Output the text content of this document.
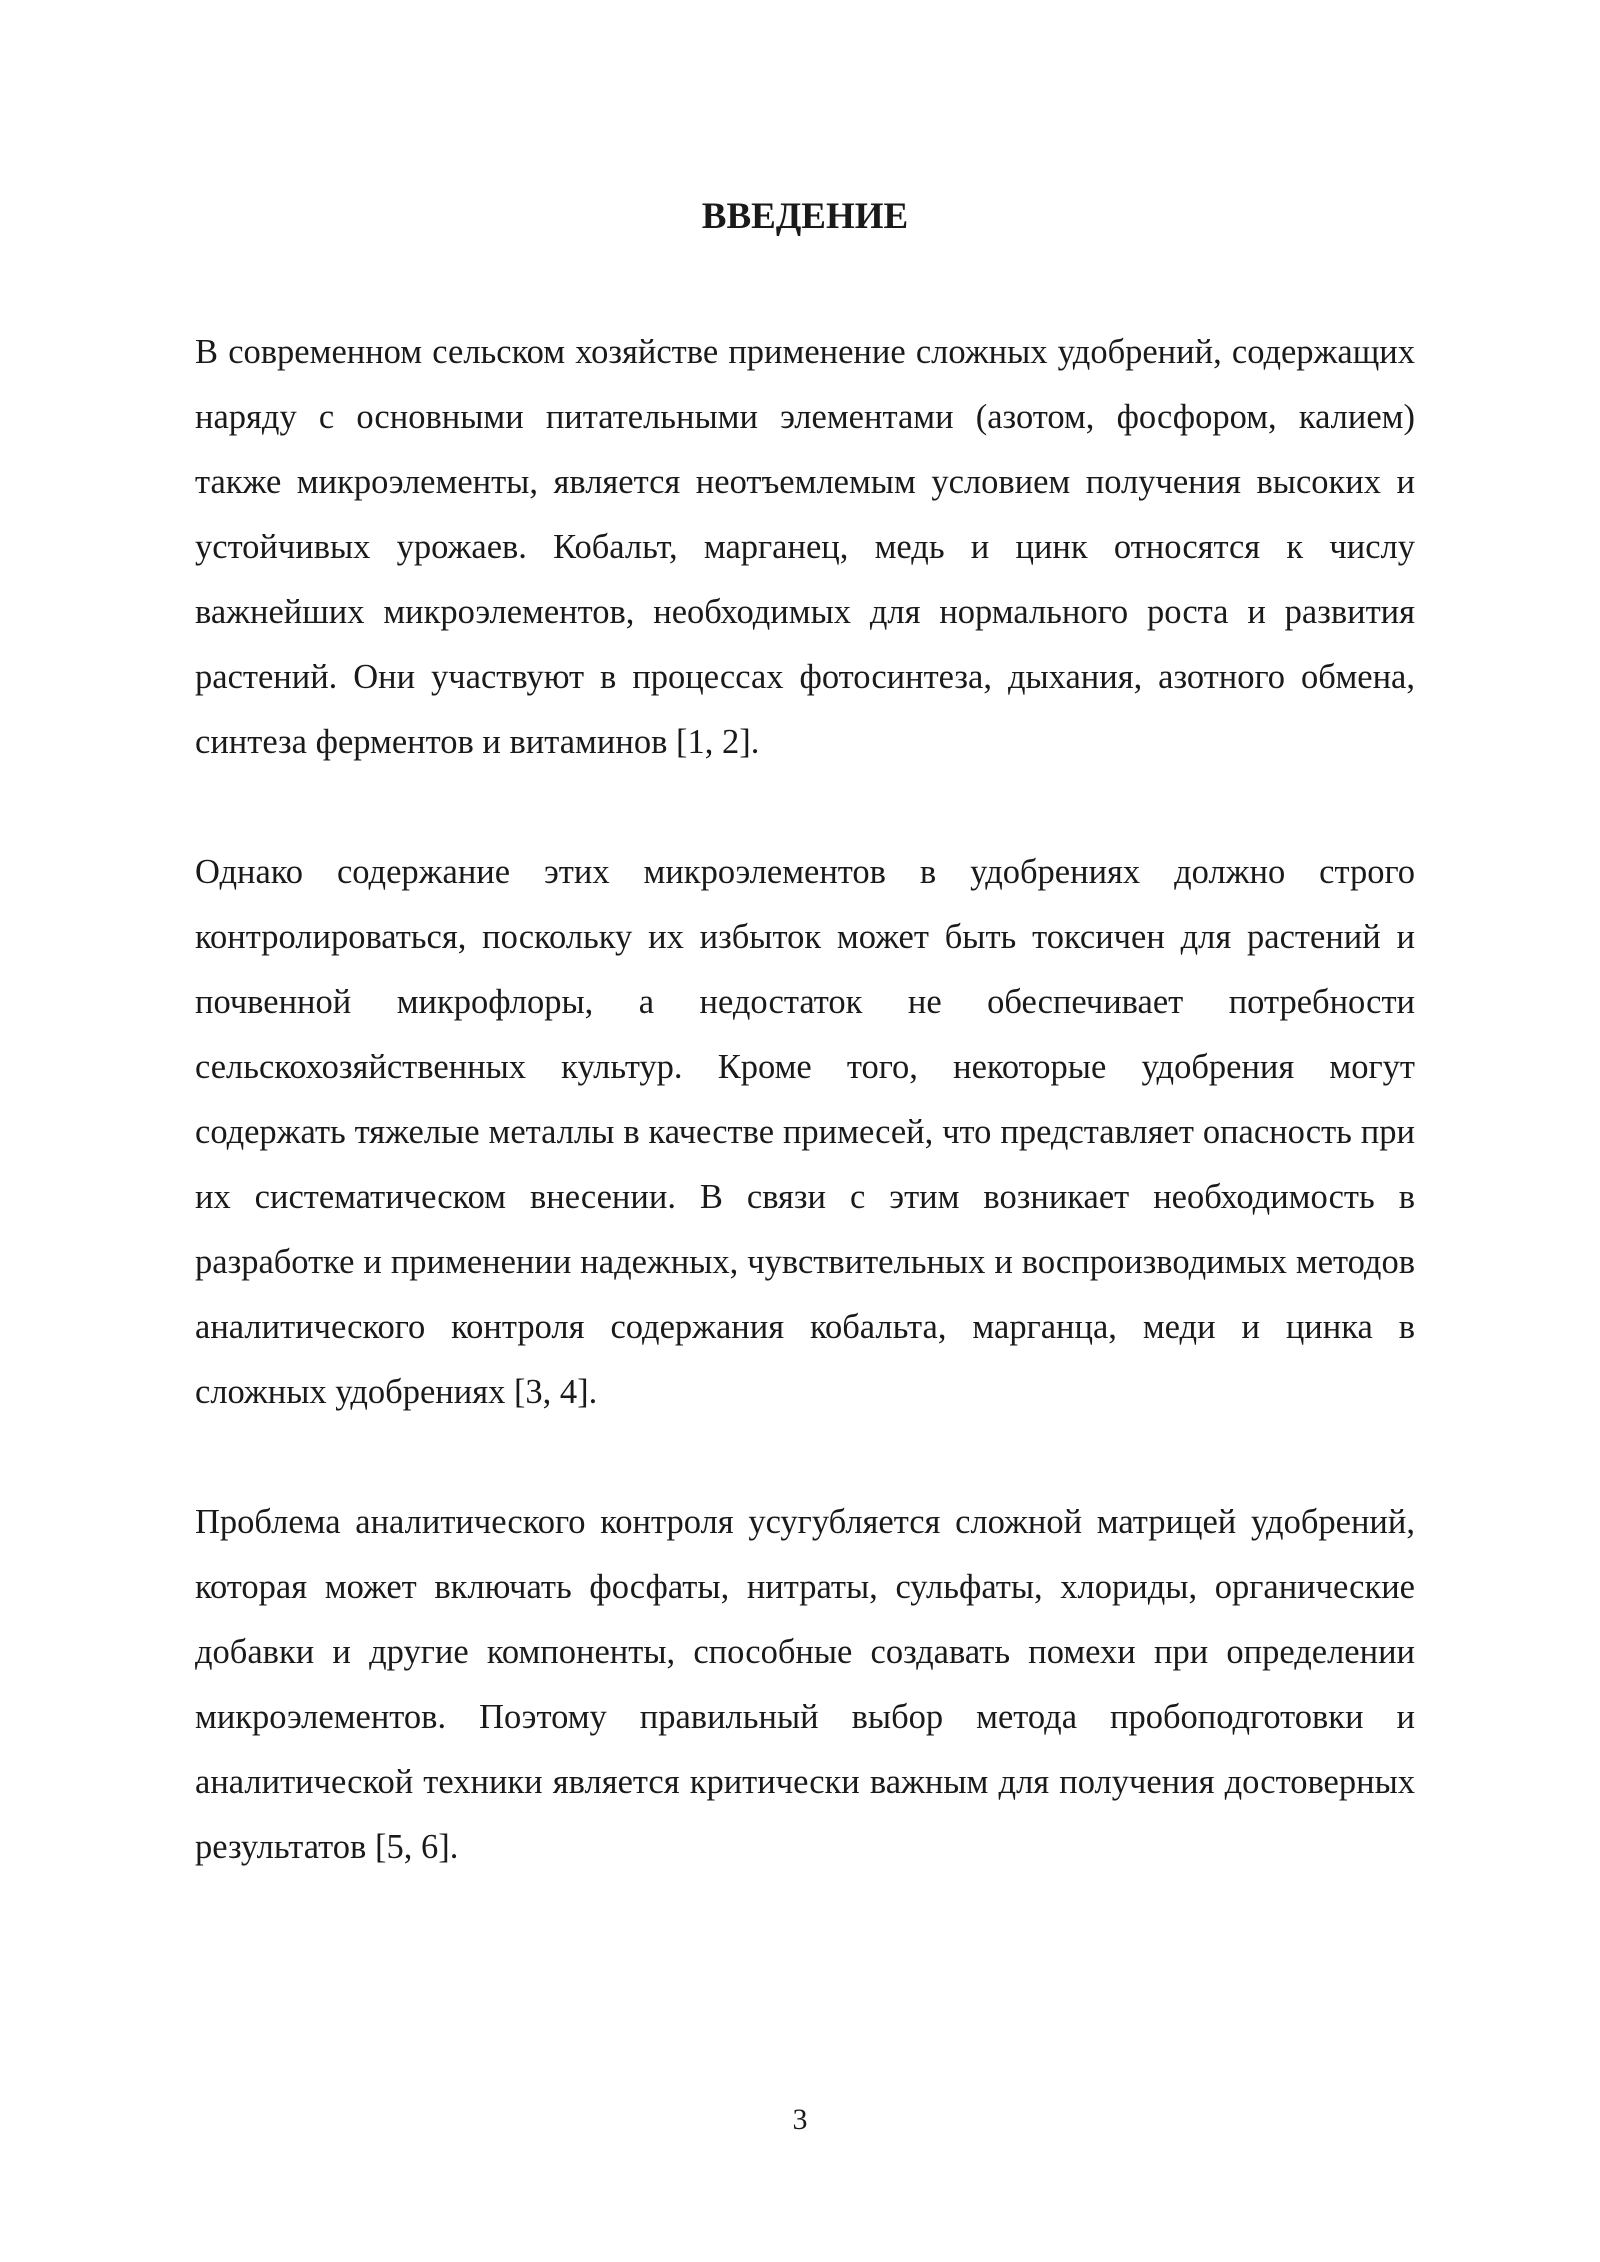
ВВЕДЕНИЕ

В современном сельском хозяйстве применение сложных удобрений, содержащих наряду с основными питательными элементами (азотом, фосфором, калием) также микроэлементы, является неотъемлемым условием получения высоких и устойчивых урожаев. Кобальт, марганец, медь и цинк относятся к числу важнейших микроэлементов, необходимых для нормального роста и развития растений. Они участвуют в процессах фотосинтеза, дыхания, азотного обмена, синтеза ферментов и витаминов [1, 2].

Однако содержание этих микроэлементов в удобрениях должно строго контролироваться, поскольку их избыток может быть токсичен для растений и почвенной микрофлоры, а недостаток не обеспечивает потребности сельскохозяйственных культур. Кроме того, некоторые удобрения могут содержать тяжелые металлы в качестве примесей, что представляет опасность при их систематическом внесении. В связи с этим возникает необходимость в разработке и применении надежных, чувствительных и воспроизводимых методов аналитического контроля содержания кобальта, марганца, меди и цинка в сложных удобрениях [3, 4].

Проблема аналитического контроля усугубляется сложной матрицей удобрений, которая может включать фосфаты, нитраты, сульфаты, хлориды, органические добавки и другие компоненты, способные создавать помехи при определении микроэлементов. Поэтому правильный выбор метода пробоподготовки и аналитической техники является критически важным для получения достоверных результатов [5, 6].

3
